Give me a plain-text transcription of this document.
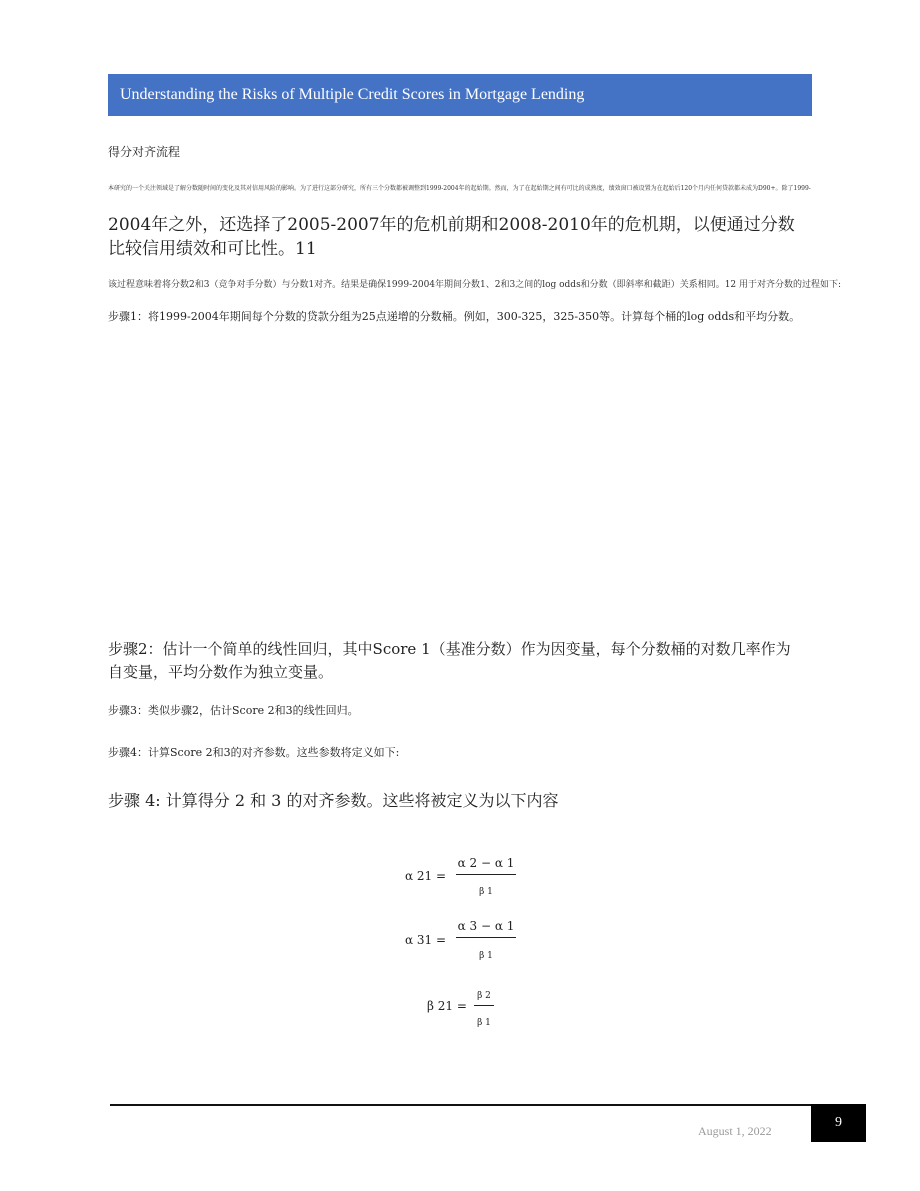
Understanding the Risks of Multiple Credit Scores in Mortgage Lending
得分对齐流程
本研究的一个关注领域是了解分数随时间的变化及其对信用风险的影响。为了进行这部分研究，所有三个分数都被调整到1999-2004年的起始期。然而，为了在起始期之间有可比的成熟度，绩效窗口被设置为在起始后120个月内任何贷款都未成为D90+。除了1999-
2004年之外，还选择了2005-2007年的危机前期和2008-2010年的危机期，以便通过分数比较信用绩效和可比性。11
该过程意味着将分数2和3（竞争对手分数）与分数1对齐。结果是确保1999-2004年期间分数1、2和3之间的log odds和分数（即斜率和截距）关系相同。12 用于对齐分数的过程如下:
步骤1：将1999-2004年期间每个分数的贷款分组为25点递增的分数桶。例如，300-325，325-350等。计算每个桶的log odds和平均分数。
步骤2：估计一个简单的线性回归，其中Score 1（基准分数）作为因变量，每个分数桶的对数几率作为自变量，平均分数作为独立变量。
步骤3：类似步骤2，估计Score 2和3的线性回归。
步骤4：计算Score 2和3的对齐参数。这些参数将定义如下:
步骤 4: 计算得分 2 和 3 的对齐参数。这些将被定义为以下内容
α 21 =
α 2 − α 1
β 1
α 31 =
α 3 − α 1
β 1
β 21 =
β 2
β 1
August 1, 2022
9
